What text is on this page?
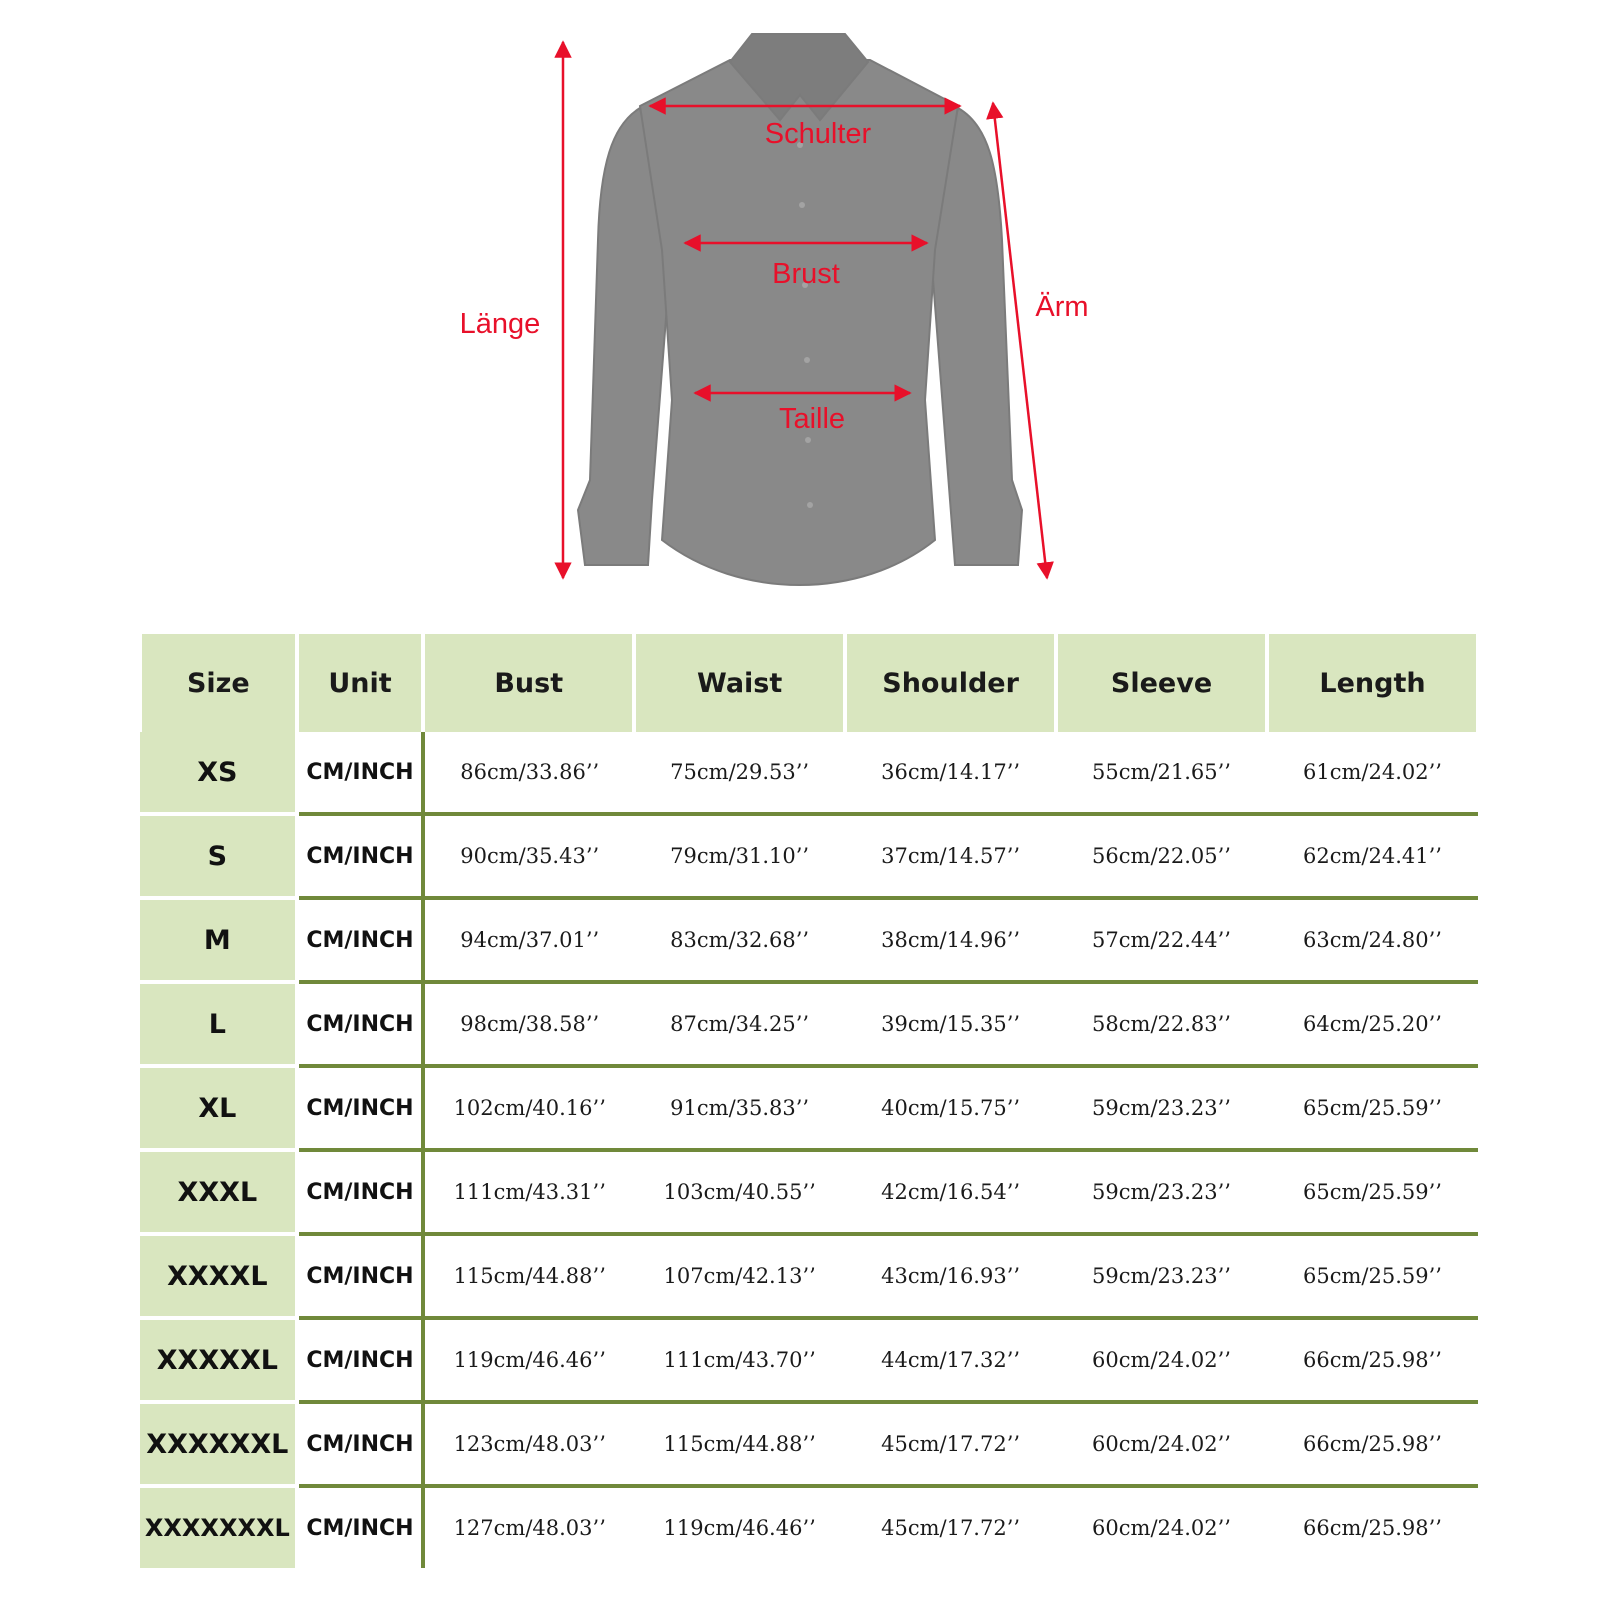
Schulter
Brust
Taille
Länge
Ärm
Size	Unit	Bust	Waist	Shoulder	Sleeve	Length
XS	CM/INCH	86cm/33.86’’	75cm/29.53’’	36cm/14.17’’	55cm/21.65’’	61cm/24.02’’
S	CM/INCH	90cm/35.43’’	79cm/31.10’’	37cm/14.57’’	56cm/22.05’’	62cm/24.41’’
M	CM/INCH	94cm/37.01’’	83cm/32.68’’	38cm/14.96’’	57cm/22.44’’	63cm/24.80’’
L	CM/INCH	98cm/38.58’’	87cm/34.25’’	39cm/15.35’’	58cm/22.83’’	64cm/25.20’’
XL	CM/INCH	102cm/40.16’’	91cm/35.83’’	40cm/15.75’’	59cm/23.23’’	65cm/25.59’’
XXXL	CM/INCH	111cm/43.31’’	103cm/40.55’’	42cm/16.54’’	59cm/23.23’’	65cm/25.59’’
XXXXL	CM/INCH	115cm/44.88’’	107cm/42.13’’	43cm/16.93’’	59cm/23.23’’	65cm/25.59’’
XXXXXL	CM/INCH	119cm/46.46’’	111cm/43.70’’	44cm/17.32’’	60cm/24.02’’	66cm/25.98’’
XXXXXXL	CM/INCH	123cm/48.03’’	115cm/44.88’’	45cm/17.72’’	60cm/24.02’’	66cm/25.98’’
XXXXXXXL	CM/INCH	127cm/48.03’’	119cm/46.46’’	45cm/17.72’’	60cm/24.02’’	66cm/25.98’’
